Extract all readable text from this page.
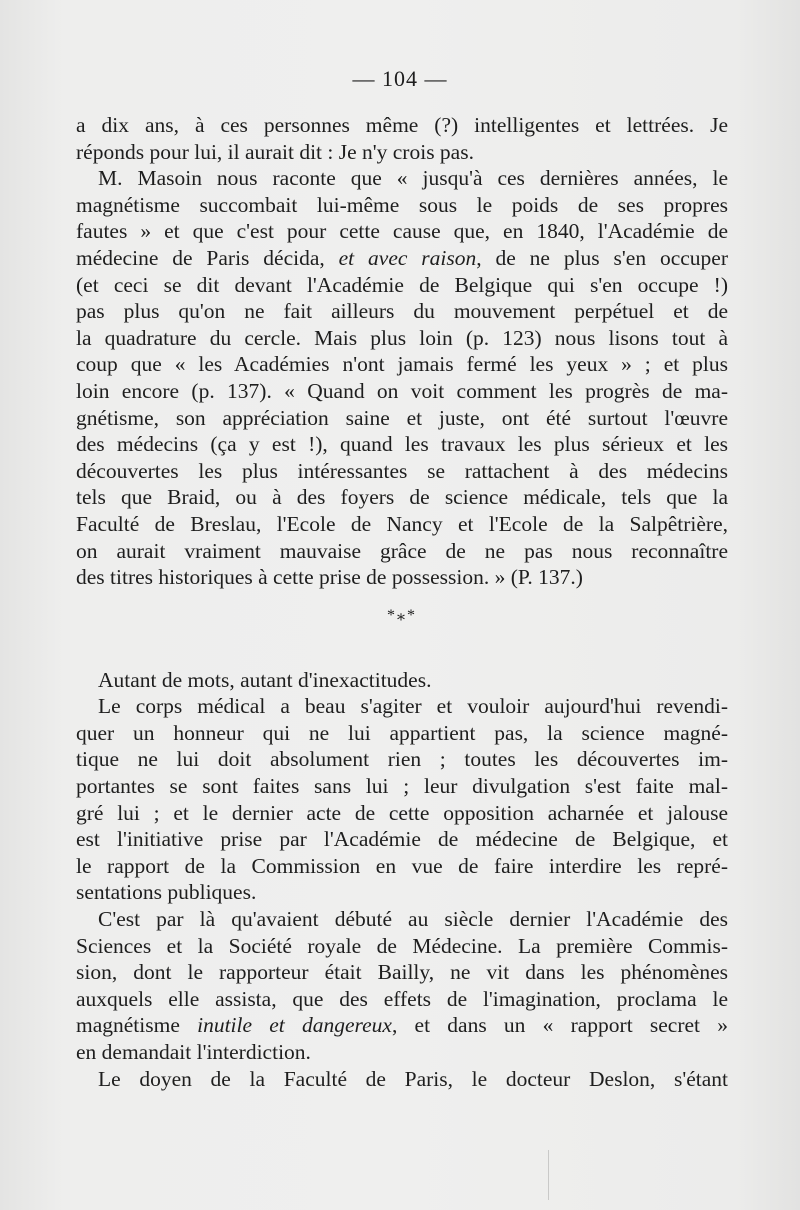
— 104 —

a dix ans, à ces personnes même (?) intelligentes et lettrées. Je
réponds pour lui, il aurait dit : Je n'y crois pas.

M. Masoin nous raconte que « jusqu'à ces dernières années, le
magnétisme succombait lui-même sous le poids de ses propres
fautes » et que c'est pour cette cause que, en 1840, l'Académie de
médecine de Paris décida, et avec raison, de ne plus s'en occuper
(et ceci se dit devant l'Académie de Belgique qui s'en occupe !)
pas plus qu'on ne fait ailleurs du mouvement perpétuel et de
la quadrature du cercle. Mais plus loin (p. 123) nous lisons tout à
coup que « les Académies n'ont jamais fermé les yeux » ; et plus
loin encore (p. 137). « Quand on voit comment les progrès de ma-
gnétisme, son appréciation saine et juste, ont été surtout l'œuvre
des médecins (ça y est !), quand les travaux les plus sérieux et les
découvertes les plus intéressantes se rattachent à des médecins
tels que Braid, ou à des foyers de science médicale, tels que la
Faculté de Breslau, l'Ecole de Nancy et l'Ecole de la Salpêtrière,
on aurait vraiment mauvaise grâce de ne pas nous reconnaître
des titres historiques à cette prise de possession. » (P. 137.)

*⁎*

Autant de mots, autant d'inexactitudes.

Le corps médical a beau s'agiter et vouloir aujourd'hui revendi-
quer un honneur qui ne lui appartient pas, la science magné-
tique ne lui doit absolument rien ; toutes les découvertes im-
portantes se sont faites sans lui ; leur divulgation s'est faite mal-
gré lui ; et le dernier acte de cette opposition acharnée et jalouse
est l'initiative prise par l'Académie de médecine de Belgique, et
le rapport de la Commission en vue de faire interdire les repré-
sentations publiques.

C'est par là qu'avaient débuté au siècle dernier l'Académie des
Sciences et la Société royale de Médecine. La première Commis-
sion, dont le rapporteur était Bailly, ne vit dans les phénomènes
auxquels elle assista, que des effets de l'imagination, proclama le
magnétisme inutile et dangereux, et dans un « rapport secret »
en demandait l'interdiction.

Le doyen de la Faculté de Paris, le docteur Deslon, s'étant
